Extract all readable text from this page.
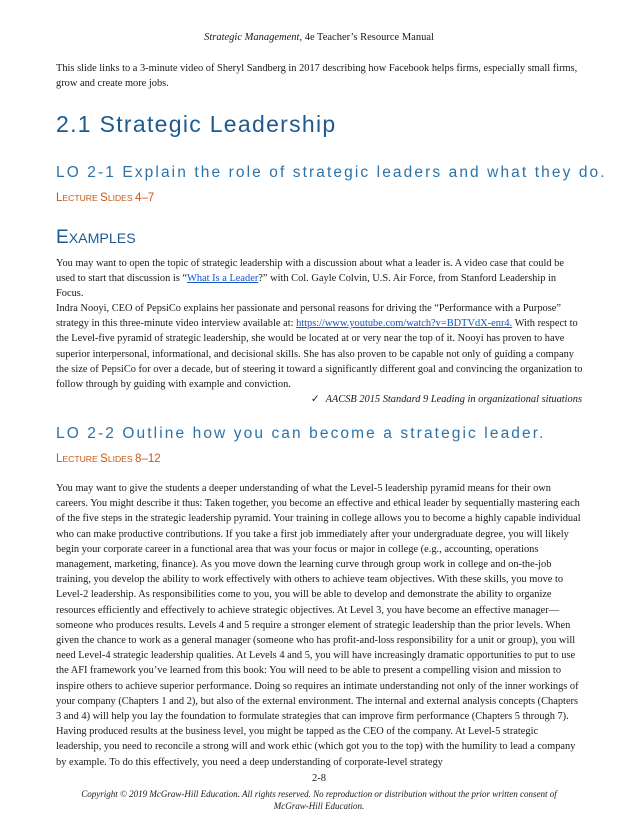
Strategic Management, 4e Teacher’s Resource Manual

This slide links to a 3-minute video of Sheryl Sandberg in 2017 describing how Facebook helps firms, especially small firms, grow and create more jobs.

2.1 Strategic Leadership
LO 2-1 Explain the role of strategic leaders and what they do.
LECTURE SLIDES 4–7
EXAMPLES

You may want to open the topic of strategic leadership with a discussion about what a leader is. A video case that could be used to start that discussion is “What Is a Leader?” with Col. Gayle Colvin, U.S. Air Force, from Stanford Leadership in Focus.

Indra Nooyi, CEO of PepsiCo explains her passionate and personal reasons for driving the “Performance with a Purpose” strategy in this three-minute video interview available at: https://www.youtube.com/watch?v=BDTVdX-enr4. With respect to the Level-five pyramid of strategic leadership, she would be located at or very near the top of it. Nooyi has proven to have superior interpersonal, informational, and decisional skills. She has also proven to be capable not only of guiding a company the size of PepsiCo for over a decade, but of steering it toward a significantly different goal and convincing the organization to follow through by guiding with example and conviction.

✓ AACSB 2015 Standard 9 Leading in organizational situations
LO 2-2 Outline how you can become a strategic leader.
LECTURE SLIDES 8–12

You may want to give the students a deeper understanding of what the Level-5 leadership pyramid means for their own careers. You might describe it thus: Taken together, you become an effective and ethical leader by sequentially mastering each of the five steps in the strategic leadership pyramid. Your training in college allows you to become a highly capable individual who can make productive contributions. If you take a first job immediately after your undergraduate degree, you will likely begin your corporate career in a functional area that was your focus or major in college (e.g., accounting, operations management, marketing, finance). As you move down the learning curve through group work in college and on-the-job training, you develop the ability to work effectively with others to achieve team objectives. With these skills, you move to Level-2 leadership. As responsibilities come to you, you will be able to develop and demonstrate the ability to organize resources efficiently and effectively to achieve strategic objectives. At Level 3, you have become an effective manager—someone who produces results. Levels 4 and 5 require a stronger element of strategic leadership than the prior levels. When given the chance to work as a general manager (someone who has profit-and-loss responsibility for a unit or group), you will need Level-4 strategic leadership qualities. At Levels 4 and 5, you will have increasingly dramatic opportunities to put to use the AFI framework you’ve learned from this book: You will need to be able to present a compelling vision and mission to inspire others to achieve superior performance. Doing so requires an intimate understanding not only of the inner workings of your company (Chapters 1 and 2), but also of the external environment. The internal and external analysis concepts (Chapters 3 and 4) will help you lay the foundation to formulate strategies that can improve firm performance (Chapters 5 through 7). Having produced results at the business level, you might be tapped as the CEO of the company. At Level-5 strategic leadership, you need to reconcile a strong will and work ethic (which got you to the top) with the humility to lead a company by example. To do this effectively, you need a deep understanding of corporate-level strategy

2-8
Copyright © 2019 McGraw-Hill Education. All rights reserved. No reproduction or distribution without the prior written consent of McGraw-Hill Education.
